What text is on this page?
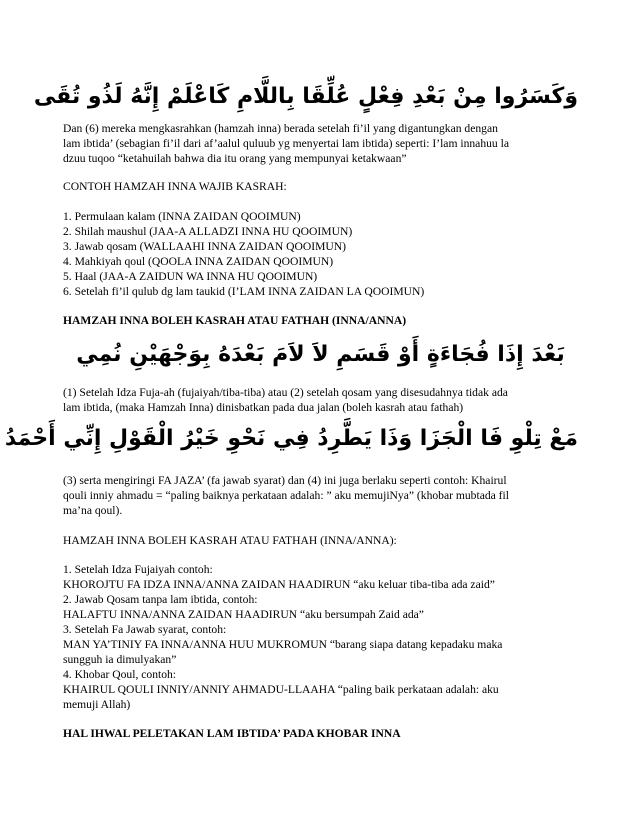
وَكَسَرُوا مِنْ بَعْدِ فِعْلٍ عُلِّقَا بِاللَّامِ كَاعْلَمْ إِنَّهُ لَذُو تُقَى
Dan (6) mereka mengkasrahkan (hamzah inna) berada setelah fi’il yang digantungkan dengan
lam ibtida’ (sebagian fi’il dari af’aalul quluub yg menyertai lam ibtida) seperti: I’lam innahuu la
dzuu tuqoo “ketahuilah bahwa dia itu orang yang mempunyai ketakwaan”
CONTOH HAMZAH INNA WAJIB KASRAH:
1. Permulaan kalam (INNA ZAIDAN QOOIMUN)
2. Shilah maushul (JAA-A ALLADZI INNA HU QOOIMUN)
3. Jawab qosam (WALLAAHI INNA ZAIDAN QOOIMUN)
4. Mahkiyah qoul (QOOLA INNA ZAIDAN QOOIMUN)
5. Haal (JAA-A ZAIDUN WA INNA HU QOOIMUN)
6. Setelah fi’il qulub dg lam taukid (I’LAM INNA ZAIDAN LA QOOIMUN)
HAMZAH INNA BOLEH KASRAH ATAU FATHAH (INNA/ANNA)
بَعْدَ إِذَا فُجَاءَةٍ أَوْ قَسَمِ لاَ لاَمَ بَعْدَهُ بِوَجْهَيْنِ نُمِي
(1) Setelah Idza Fuja-ah (fujaiyah/tiba-tiba) atau (2) setelah qosam yang disesudahnya tidak ada
lam ibtida, (maka Hamzah Inna) dinisbatkan pada dua jalan (boleh kasrah atau fathah)
مَعْ تِلْوِ فَا الْجَزَا وَذَا يَطَّرِدُ فِي نَحْوِ خَيْرُ الْقَوْلِ إِنِّي أَحْمَدُ
(3) serta mengiringi FA JAZA’ (fa jawab syarat) dan (4) ini juga berlaku seperti contoh: Khairul
qouli inniy ahmadu = “paling baiknya perkataan adalah: ” aku memujiNya” (khobar mubtada fil
ma’na qoul).
HAMZAH INNA BOLEH KASRAH ATAU FATHAH (INNA/ANNA):
1. Setelah Idza Fujaiyah contoh:
KHOROJTU FA IDZA INNA/ANNA ZAIDAN HAADIRUN “aku keluar tiba-tiba ada zaid”
2. Jawab Qosam tanpa lam ibtida, contoh:
HALAFTU INNA/ANNA ZAIDAN HAADIRUN “aku bersumpah Zaid ada”
3. Setelah Fa Jawab syarat, contoh:
MAN YA’TINIY FA INNA/ANNA HUU MUKROMUN “barang siapa datang kepadaku maka
sungguh ia dimulyakan”
4. Khobar Qoul, contoh:
KHAIRUL QOULI INNIY/ANNIY AHMADU-LLAAHA “paling baik perkataan adalah: aku
memuji Allah)
HAL IHWAL PELETAKAN LAM IBTIDA’ PADA KHOBAR INNA
